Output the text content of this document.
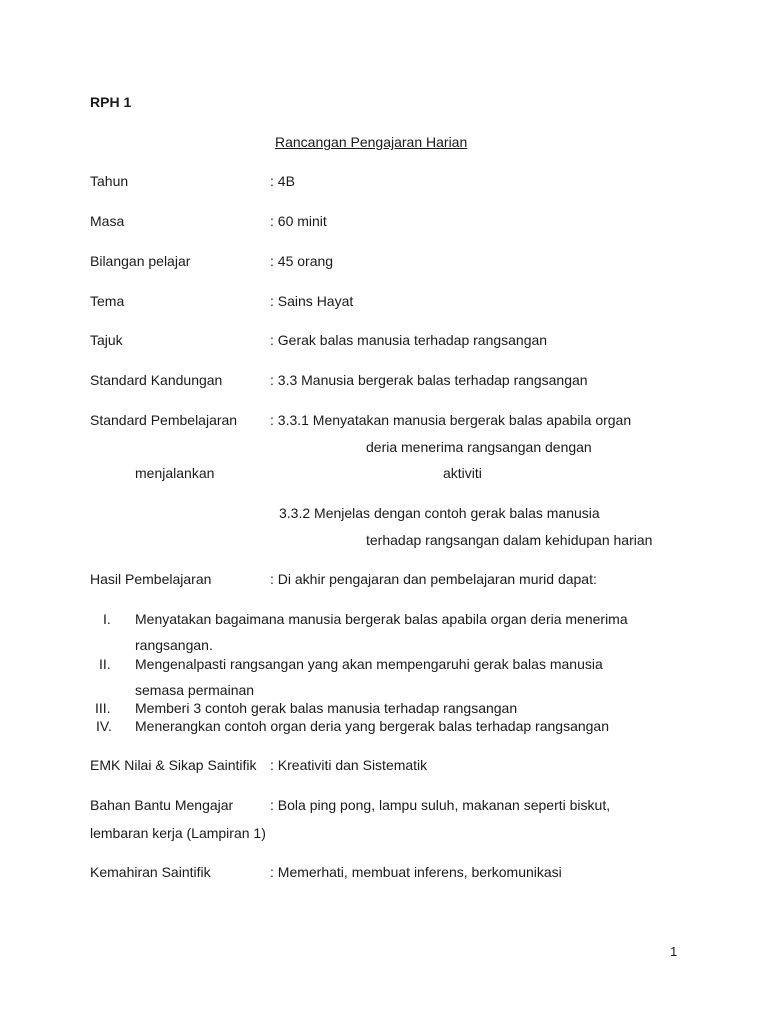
RPH 1
Rancangan Pengajaran Harian
Tahun	: 4B
Masa	: 60 minit
Bilangan pelajar	: 45 orang
Tema	: Sains Hayat
Tajuk	: Gerak balas manusia terhadap rangsangan
Standard Kandungan	: 3.3 Manusia bergerak balas terhadap rangsangan
Standard Pembelajaran : 3.3.1 Menyatakan manusia bergerak balas apabila organ
deria menerima rangsangan dengan
menjalankan	aktiviti
3.3.2 Menjelas dengan contoh gerak balas manusia
terhadap rangsangan dalam kehidupan harian
Hasil Pembelajaran	: Di akhir pengajaran dan pembelajaran murid dapat:
I. Menyatakan bagaimana manusia bergerak balas apabila organ deria menerima
rangsangan.
II. Mengenalpasti rangsangan yang akan mempengaruhi gerak balas manusia
semasa permainan
III. Memberi 3 contoh gerak balas manusia terhadap rangsangan
IV. Menerangkan contoh organ deria yang bergerak balas terhadap rangsangan
EMK Nilai & Sikap Saintifik : Kreativiti dan Sistematik
Bahan Bantu Mengajar	: Bola ping pong, lampu suluh, makanan seperti biskut,
lembaran kerja (Lampiran 1)
Kemahiran Saintifik	: Memerhati, membuat inferens, berkomunikasi
1
